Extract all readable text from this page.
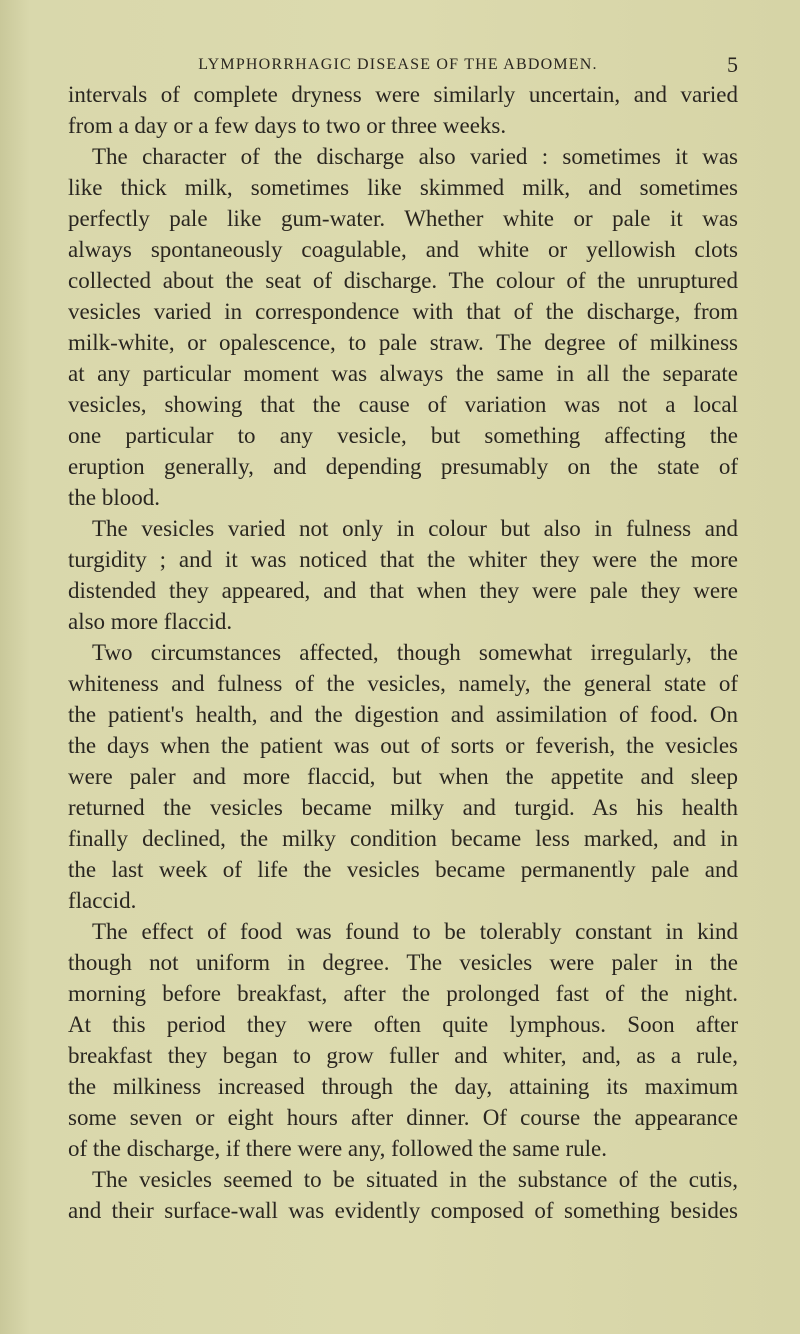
LYMPHORRHAGIC DISEASE OF THE ABDOMEN.	5
intervals of complete dryness were similarly uncertain, and varied
from a day or a few days to two or three weeks.
The character of the discharge also varied : sometimes it was
like thick milk, sometimes like skimmed milk, and sometimes
perfectly pale like gum-water. Whether white or pale it was
always spontaneously coagulable, and white or yellowish clots
collected about the seat of discharge. The colour of the unruptured
vesicles varied in correspondence with that of the discharge, from
milk-white, or opalescence, to pale straw. The degree of milkiness
at any particular moment was always the same in all the separate
vesicles, showing that the cause of variation was not a local
one particular to any vesicle, but something affecting the
eruption generally, and depending presumably on the state of
the blood.
The vesicles varied not only in colour but also in fulness and
turgidity ; and it was noticed that the whiter they were the more
distended they appeared, and that when they were pale they were
also more flaccid.
Two circumstances affected, though somewhat irregularly, the
whiteness and fulness of the vesicles, namely, the general state of
the patient's health, and the digestion and assimilation of food. On
the days when the patient was out of sorts or feverish, the vesicles
were paler and more flaccid, but when the appetite and sleep
returned the vesicles became milky and turgid. As his health
finally declined, the milky condition became less marked, and in
the last week of life the vesicles became permanently pale and
flaccid.
The effect of food was found to be tolerably constant in kind
though not uniform in degree. The vesicles were paler in the
morning before breakfast, after the prolonged fast of the night.
At this period they were often quite lymphous. Soon after
breakfast they began to grow fuller and whiter, and, as a rule,
the milkiness increased through the day, attaining its maximum
some seven or eight hours after dinner. Of course the appearance
of the discharge, if there were any, followed the same rule.
The vesicles seemed to be situated in the substance of the cutis,
and their surface-wall was evidently composed of something besides
